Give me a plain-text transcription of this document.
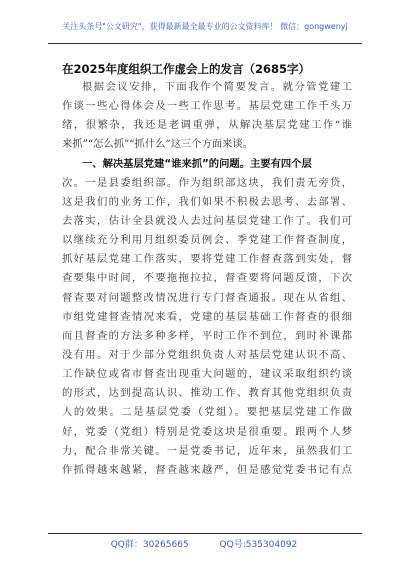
关注头条号"公文研究"，获得最新最全最专业的公文资料库！ 微信：gongwenyj
在2025年度组织工作虚会上的发言（2685字）
根据会议安排，下面我作个简要发言。就分管党建工
作谈一些心得体会及一些工作思考。基层党建工作千头万
绪，很繁杂，我还是老调重弹，从解决基层党建工作“谁
来抓”“怎么抓”“抓什么”这三个方面来谈。
一、解决基层党建“谁来抓”的问题。主要有四个层
次。一是县委组织部。作为组织部这块，我们责无旁贷，
这是我们的业务工作，我们如果不积极去思考、去部署、
去落实，估计全县就没人去过问基层党建工作了。我们可
以继续充分利用月组织委员例会、季党建工作督查制度，
抓好基层党建工作落实，要将党建工作督查落到实处，督
查要集中时间，不要拖拖拉拉，督查要将问题反馈，下次
督查要对问题整改情况进行专门督查通报。现在从省组、
市组党建督查情况来看，党建的基层基础工作督查的很细
而且督查的方法多种多样，平时工作不到位，到时补课都
没有用。对于少部分党组织负责人对基层党建认识不高、
工作缺位或省市督查出现重大问题的，建议采取组织约谈
的形式，达到提高认识、推动工作、教育其他党组织负责
人的效果。二是基层党委（党组）。要把基层党建工作做
好，党委（党组）特别是党委这块是很重要。跟两个人梦
力，配合非常关键。一是党委书记，近年来，虽然我们工
作抓得越来越紧，督查越来越严，但是感觉党委书记有点
QQ群：30265665	QQ号:535304092
